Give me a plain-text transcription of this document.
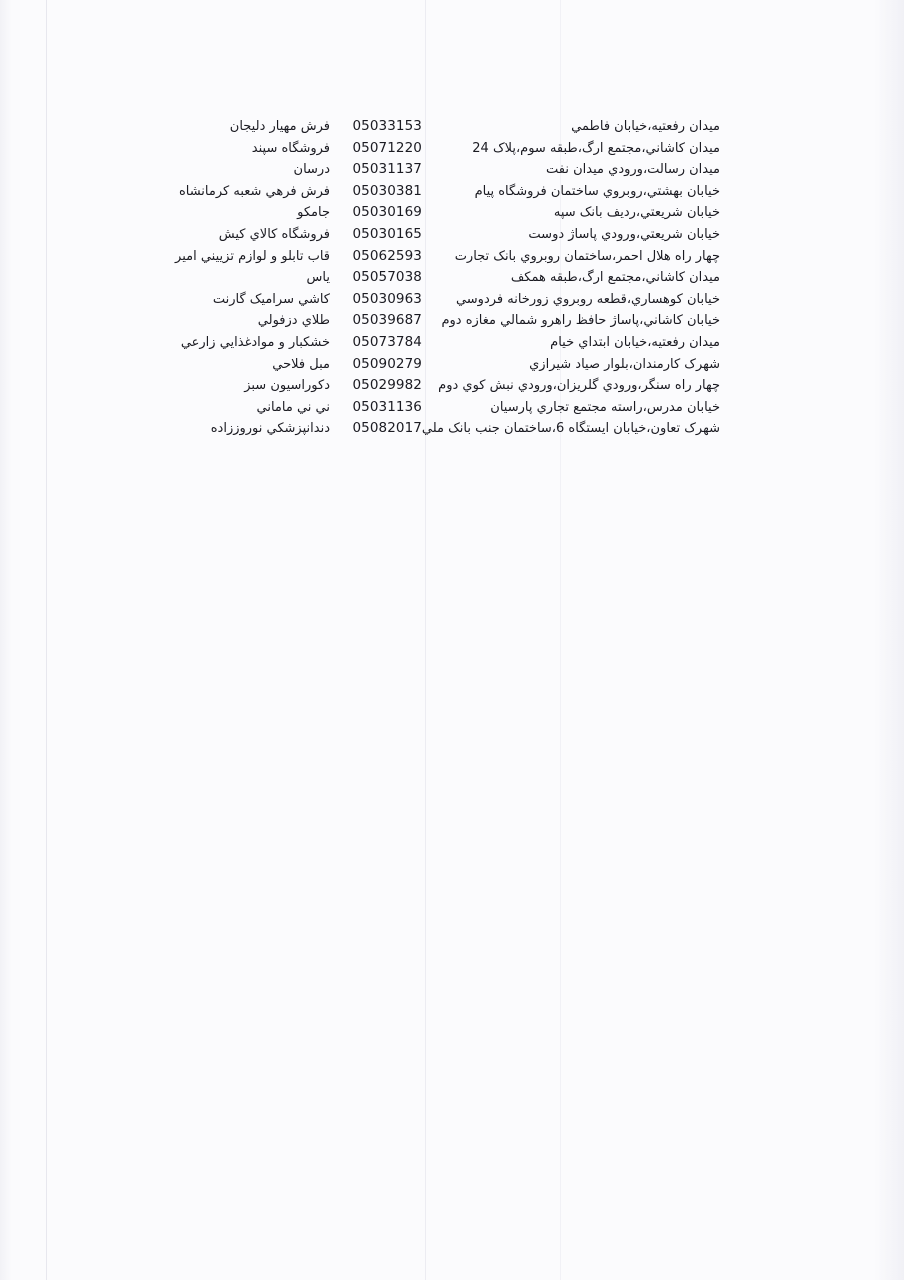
ميدان رفعتيه،خيابان فاطمي
05033153
فرش مهيار دليجان
ميدان كاشاني،مجتمع ارگ،طبقه سوم،پلاک 24
05071220
فروشگاه سپند
ميدان رسالت،ورودي ميدان نفت
05031137
درسان
خيابان بهشتي،روبروي ساختمان فروشگاه پيام
05030381
فرش فرهي شعبه كرمانشاه
خيابان شريعتي،رديف بانک سپه
05030169
جامكو
خيابان شريعتي،ورودي پاساژ دوست
05030165
فروشگاه كالاي كيش
چهار راه هلال احمر،ساختمان روبروي بانک تجارت
05062593
قاب تابلو و لوازم تزييني امير
ميدان كاشاني،مجتمع ارگ،طبقه همكف
05057038
ياس
خيابان كوهساري،قطعه روبروي زورخانه فردوسي
05030963
كاشي سراميک گارنت
خيابان كاشاني،پاساژ حافظ راهرو شمالي مغازه دوم
05039687
طلاي دزفولي
ميدان رفعتيه،خيابان ابتداي خيام
05073784
خشكبار و موادغذايي زارعي
شهرک كارمندان،بلوار صياد شيرازي
05090279
مبل فلاحي
چهار راه سنگر،ورودي گلريزان،ورودي نبش كوي دوم
05029982
دكوراسيون سبز
خيابان مدرس،راسته مجتمع تجاري پارسيان
05031136
ني ني ماماني
شهرک تعاون،خيابان ايستگاه 6،ساختمان جنب بانک ملي
05082017
دندانپزشكي نوروززاده
